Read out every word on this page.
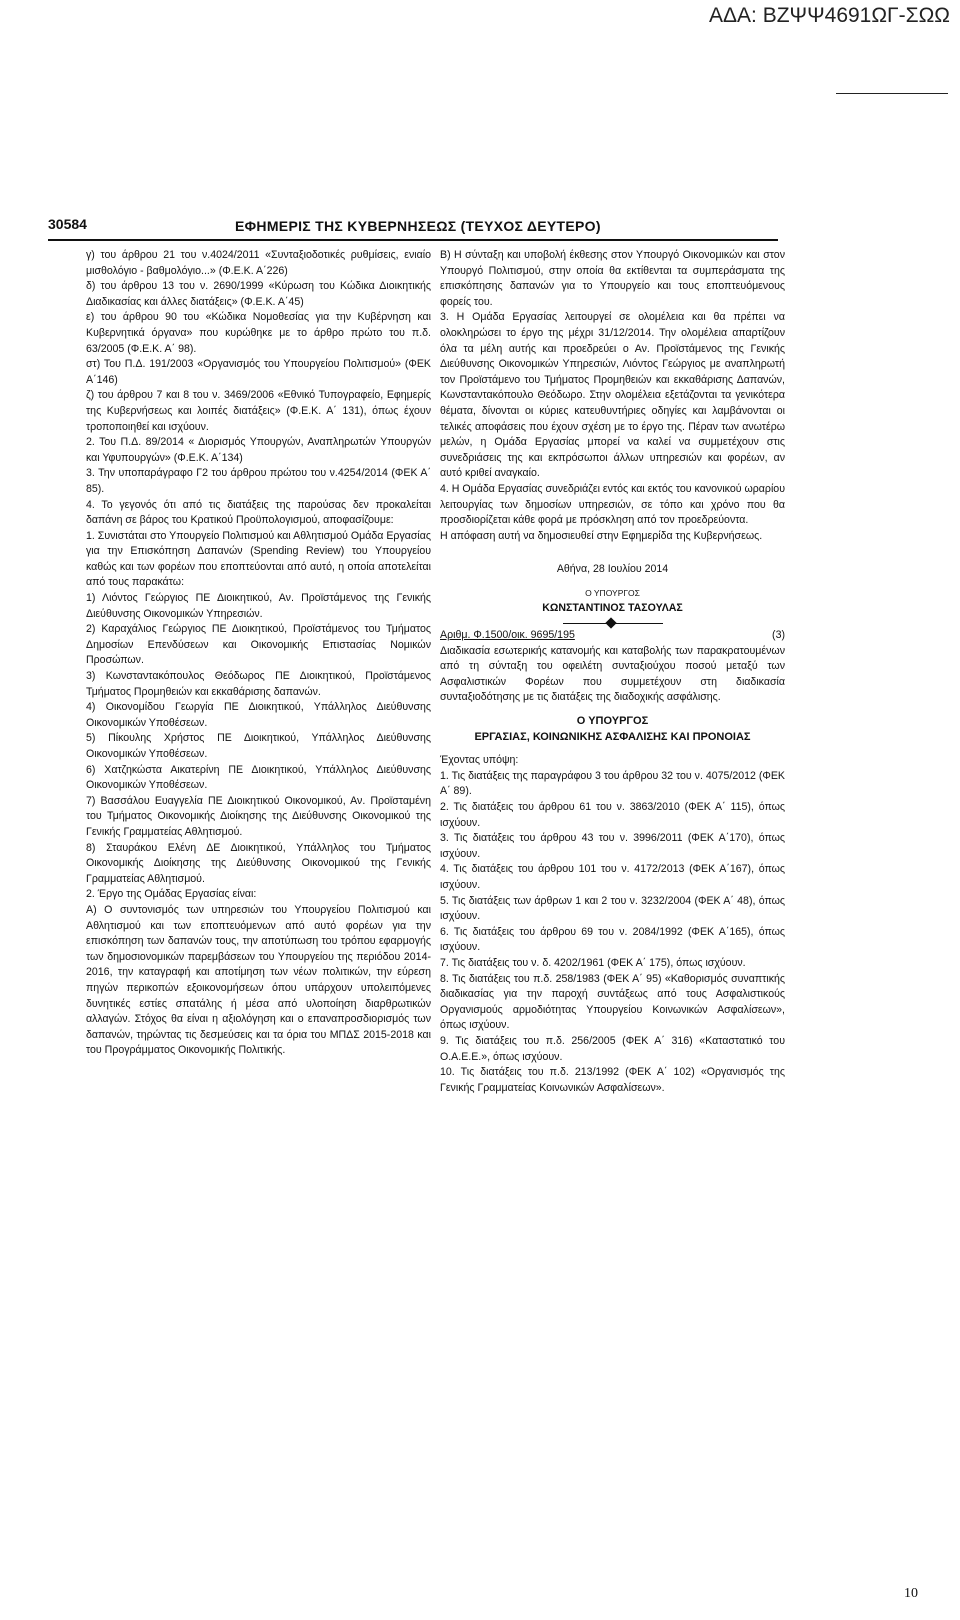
ΑΔΑ: ΒΖΨΨ4691ΩΓ-ΣΩΩ
30584	ΕΦΗΜΕΡΙΣ ΤΗΣ ΚΥΒΕΡΝΗΣΕΩΣ (ΤΕΥΧΟΣ ΔΕΥΤΕΡΟ)

γ) του άρθρου 21 του ν.4024/2011 «Συνταξιοδοτικές ρυθμίσεις, ενιαίο μισθολόγιο - βαθμολόγιο...» (Φ.Ε.Κ. Α΄226)

δ) του άρθρου 13 του ν. 2690/1999 «Κύρωση του Κώδικα Διοικητικής Διαδικασίας και άλλες διατάξεις» (Φ.Ε.Κ. Α΄45)

ε) του άρθρου 90 του «Κώδικα Νομοθεσίας για την Κυβέρνηση και Κυβερνητικά όργανα» που κυρώθηκε με το άρθρο πρώτο του π.δ. 63/2005 (Φ.Ε.Κ. Α΄ 98).

στ) Του Π.Δ. 191/2003 «Οργανισμός του Υπουργείου Πολιτισμού» (ΦΕΚ Α΄146)

ζ) του άρθρου 7 και 8 του ν. 3469/2006 «Εθνικό Τυπογραφείο, Εφημερίς της Κυβερνήσεως και λοιπές διατάξεις» (Φ.Ε.Κ. Α΄ 131), όπως έχουν τροποποιηθεί και ισχύουν.

2. Του Π.Δ. 89/2014 « Διορισμός Υπουργών, Αναπληρωτών Υπουργών και Υφυπουργών» (Φ.Ε.Κ. Α΄134)

3. Την υποπαράγραφο Γ2 του άρθρου πρώτου του ν.4254/2014 (ΦΕΚ Α΄ 85).

4. Το γεγονός ότι από τις διατάξεις της παρούσας δεν προκαλείται δαπάνη σε βάρος του Κρατικού Προϋπολογισμού, αποφασίζουμε:

1. Συνιστάται στο Υπουργείο Πολιτισμού και Αθλητισμού Ομάδα Εργασίας για την Επισκόπηση Δαπανών (Spending Review) του Υπουργείου καθώς και των φορέων που εποπτεύονται από αυτό, η οποία αποτελείται από τους παρακάτω:

1) Λιόντος Γεώργιος ΠΕ Διοικητικού, Αν. Προϊστάμενος της Γενικής Διεύθυνσης Οικονομικών Υπηρεσιών.

2) Καραχάλιος Γεώργιος ΠΕ Διοικητικού, Προϊστάμενος του Τμήματος Δημοσίων Επενδύσεων και Οικονομικής Επιστασίας Νομικών Προσώπων.

3) Κωνσταντακόπουλος Θεόδωρος ΠΕ Διοικητικού, Προϊστάμενος Τμήματος Προμηθειών και εκκαθάρισης δαπανών.

4) Οικονομίδου Γεωργία ΠΕ Διοικητικού, Υπάλληλος Διεύθυνσης Οικονομικών Υποθέσεων.

5) Πίκουλης Χρήστος ΠΕ Διοικητικού, Υπάλληλος Διεύθυνσης Οικονομικών Υποθέσεων.

6) Χατζηκώστα Αικατερίνη ΠΕ Διοικητικού, Υπάλληλος Διεύθυνσης Οικονομικών Υποθέσεων.

7) Βασσάλου Ευαγγελία ΠΕ Διοικητικού Οικονομικού, Αν. Προϊσταμένη του Τμήματος Οικονομικής Διοίκησης της Διεύθυνσης Οικονομικού της Γενικής Γραμματείας Αθλητισμού.

8) Σταυράκου Ελένη ΔΕ Διοικητικού, Υπάλληλος του Τμήματος Οικονομικής Διοίκησης της Διεύθυνσης Οικονομικού της Γενικής Γραμματείας Αθλητισμού.

2. Έργο της Ομάδας Εργασίας είναι:

Α) Ο συντονισμός των υπηρεσιών του Υπουργείου Πολιτισμού και Αθλητισμού και των εποπτευόμενων από αυτό φορέων για την επισκόπηση των δαπανών τους, την αποτύπωση του τρόπου εφαρμογής των δημοσιονομικών παρεμβάσεων του Υπουργείου της περιόδου 2014-2016, την καταγραφή και αποτίμηση των νέων πολιτικών, την εύρεση πηγών περικοπών εξοικονομήσεων όπου υπάρχουν υπολειπόμενες δυνητικές εστίες σπατάλης ή μέσα από υλοποίηση διαρθρωτικών αλλαγών. Στόχος θα είναι η αξιολόγηση και ο επαναπροσδιορισμός των δαπανών, τηρώντας τις δεσμεύσεις και τα όρια του ΜΠΔΣ 2015-2018 και του Προγράμματος Οικονομικής Πολιτικής.

Β) Η σύνταξη και υποβολή έκθεσης στον Υπουργό Οικονομικών και στον Υπουργό Πολιτισμού, στην οποία θα εκτίθενται τα συμπεράσματα της επισκόπησης δαπανών για το Υπουργείο και τους εποπτευόμενους φορείς του.

3. Η Ομάδα Εργασίας λειτουργεί σε ολομέλεια και θα πρέπει να ολοκληρώσει το έργο της μέχρι 31/12/2014. Την ολομέλεια απαρτίζουν όλα τα μέλη αυτής και προεδρεύει ο Αν. Προϊστάμενος της Γενικής Διεύθυνσης Οικονομικών Υπηρεσιών, Λιόντος Γεώργιος με αναπληρωτή τον Προϊστάμενο του Τμήματος Προμηθειών και εκκαθάρισης Δαπανών, Κωνσταντακόπουλο Θεόδωρο. Στην ολομέλεια εξετάζονται τα γενικότερα θέματα, δίνονται οι κύριες κατευθυντήριες οδηγίες και λαμβάνονται οι τελικές αποφάσεις που έχουν σχέση με το έργο της. Πέραν των ανωτέρω μελών, η Ομάδα Εργασίας μπορεί να καλεί να συμμετέχουν στις συνεδριάσεις της και εκπρόσωποι άλλων υπηρεσιών και φορέων, αν αυτό κριθεί αναγκαίο.

4. Η Ομάδα Εργασίας συνεδριάζει εντός και εκτός του κανονικού ωραρίου λειτουργίας των δημοσίων υπηρεσιών, σε τόπο και χρόνο που θα προσδιορίζεται κάθε φορά με πρόσκληση από τον προεδρεύοντα.

Η απόφαση αυτή να δημοσιευθεί στην Εφημερίδα της Κυβερνήσεως.

Αθήνα, 28 Ιουλίου 2014

Ο ΥΠΟΥΡΓΟΣ

ΚΩΝΣΤΑΝΤΙΝΟΣ ΤΑΣΟΥΛΑΣ

Αριθμ. Φ.1500/οικ. 9695/195	(3)

Διαδικασία εσωτερικής κατανομής και καταβολής των παρακρατουμένων από τη σύνταξη του οφειλέτη συνταξιούχου ποσού μεταξύ των Ασφαλιστικών Φορέων που συμμετέχουν στη διαδικασία συνταξιοδότησης με τις διατάξεις της διαδοχικής ασφάλισης.

Ο ΥΠΟΥΡΓΟΣ

ΕΡΓΑΣΙΑΣ, ΚΟΙΝΩΝΙΚΗΣ ΑΣΦΑΛΙΣΗΣ ΚΑΙ ΠΡΟΝΟΙΑΣ

Έχοντας υπόψη:

1. Τις διατάξεις της παραγράφου 3 του άρθρου 32 του ν. 4075/2012 (ΦΕΚ Α΄ 89).

2. Τις διατάξεις του άρθρου 61 του ν. 3863/2010 (ΦΕΚ Α΄ 115), όπως ισχύουν.

3. Τις διατάξεις του άρθρου 43 του ν. 3996/2011 (ΦΕΚ Α΄170), όπως ισχύουν.

4. Τις διατάξεις του άρθρου 101 του ν. 4172/2013 (ΦΕΚ Α΄167), όπως ισχύουν.

5. Τις διατάξεις των άρθρων 1 και 2 του ν. 3232/2004 (ΦΕΚ Α΄ 48), όπως ισχύουν.

6. Τις διατάξεις του άρθρου 69 του ν. 2084/1992 (ΦΕΚ Α΄165), όπως ισχύουν.

7. Τις διατάξεις του ν. δ. 4202/1961 (ΦΕΚ Α΄ 175), όπως ισχύουν.

8. Τις διατάξεις του π.δ. 258/1983 (ΦΕΚ Α΄ 95) «Καθορισμός συναπτικής διαδικασίας για την παροχή συντάξεως από τους Ασφαλιστικούς Οργανισμούς αρμοδιότητας Υπουργείου Κοινωνικών Ασφαλίσεων», όπως ισχύουν.

9. Τις διατάξεις του π.δ. 256/2005 (ΦΕΚ Α΄ 316) «Καταστατικό του Ο.Α.Ε.Ε.», όπως ισχύουν.

10. Τις διατάξεις του π.δ. 213/1992 (ΦΕΚ Α΄ 102) «Οργανισμός της Γενικής Γραμματείας Κοινωνικών Ασφαλίσεων».

10
